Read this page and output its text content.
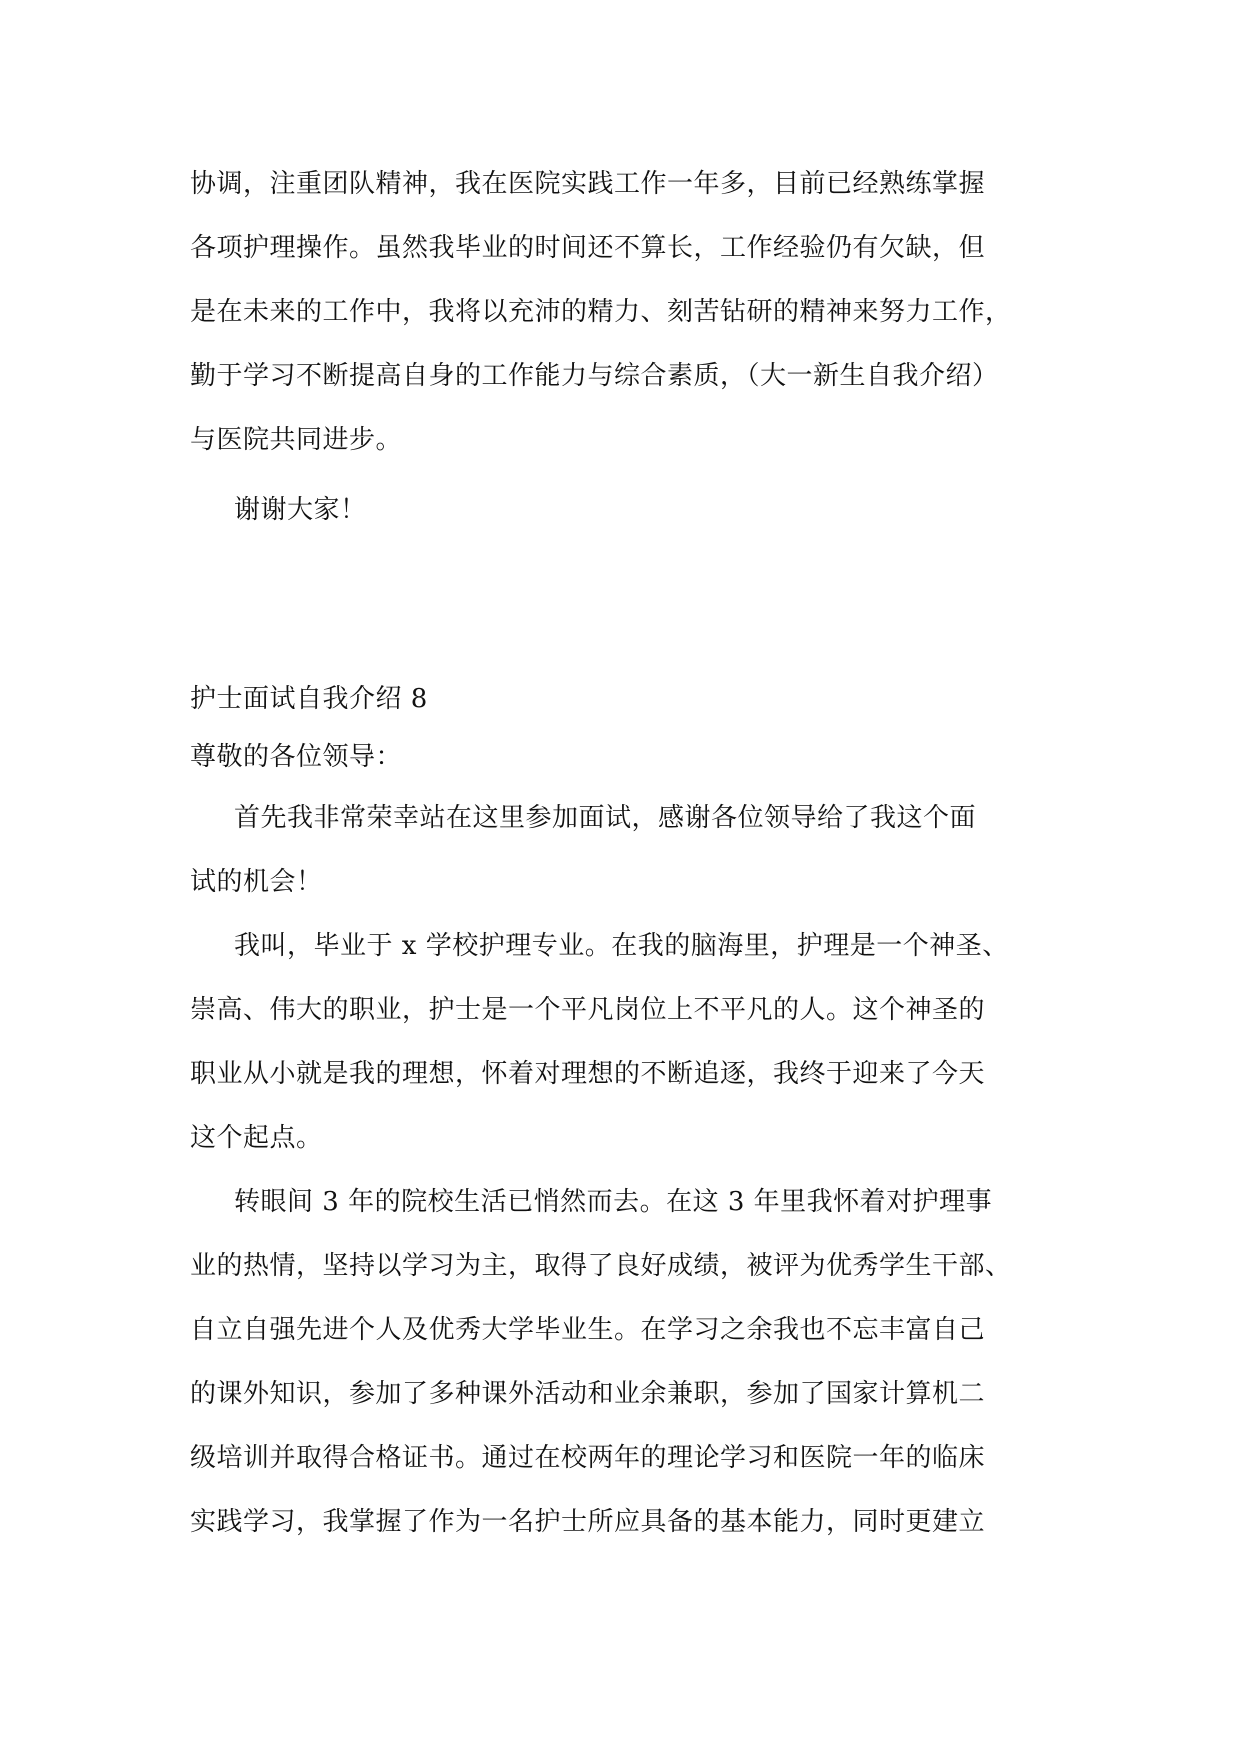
协调，注重团队精神，我在医院实践工作一年多，目前已经熟练掌握
各项护理操作。虽然我毕业的时间还不算长，工作经验仍有欠缺，但
是在未来的工作中，我将以充沛的精力、刻苦钻研的精神来努力工作，
勤于学习不断提高自身的工作能力与综合素质，（大一新生自我介绍）
与医院共同进步。
谢谢大家！
护士面试自我介绍 8
尊敬的各位领导：
首先我非常荣幸站在这里参加面试，感谢各位领导给了我这个面
试的机会！
我叫，毕业于 x 学校护理专业。在我的脑海里，护理是一个神圣、
崇高、伟大的职业，护士是一个平凡岗位上不平凡的人。这个神圣的
职业从小就是我的理想，怀着对理想的不断追逐，我终于迎来了今天
这个起点。
转眼间 3 年的院校生活已悄然而去。在这 3 年里我怀着对护理事
业的热情，坚持以学习为主，取得了良好成绩，被评为优秀学生干部、
自立自强先进个人及优秀大学毕业生。在学习之余我也不忘丰富自己
的课外知识，参加了多种课外活动和业余兼职，参加了国家计算机二
级培训并取得合格证书。通过在校两年的理论学习和医院一年的临床
实践学习，我掌握了作为一名护士所应具备的基本能力，同时更建立
